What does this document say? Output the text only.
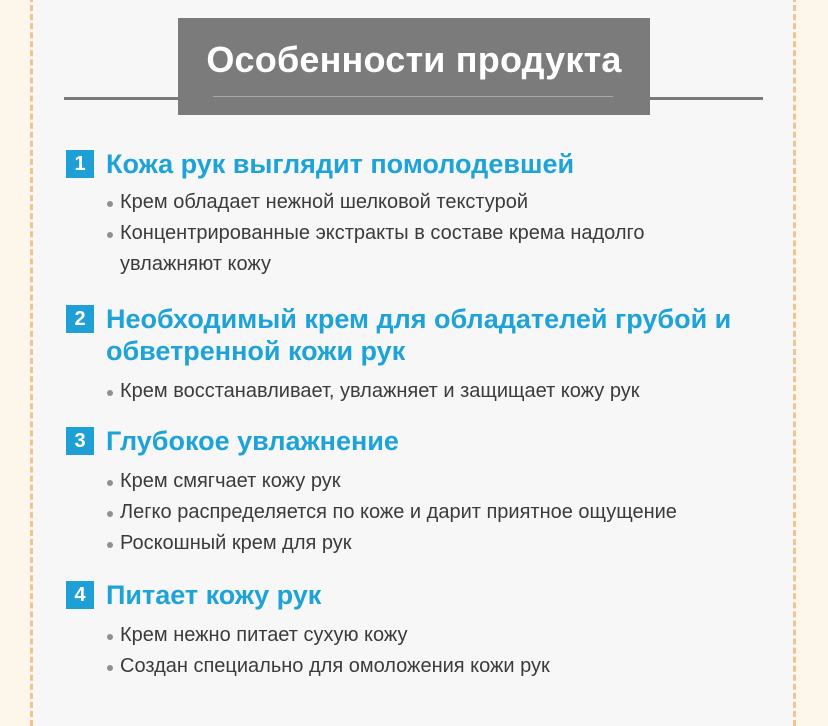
Особенности продукта
1 Кожа рук выглядит помолодевшей
Крем обладает нежной шелковой текстурой
Концентрированные экстракты в составе крема надолго увлажняют кожу
2 Необходимый крем для обладателей грубой и обветренной кожи рук
Крем восстанавливает, увлажняет и защищает кожу рук
3 Глубокое увлажнение
Крем смягчает кожу рук
Легко распределяется по коже и дарит приятное ощущение
Роскошный крем для рук
4 Питает кожу рук
Крем нежно питает сухую кожу
Создан специально для омоложения кожи рук
